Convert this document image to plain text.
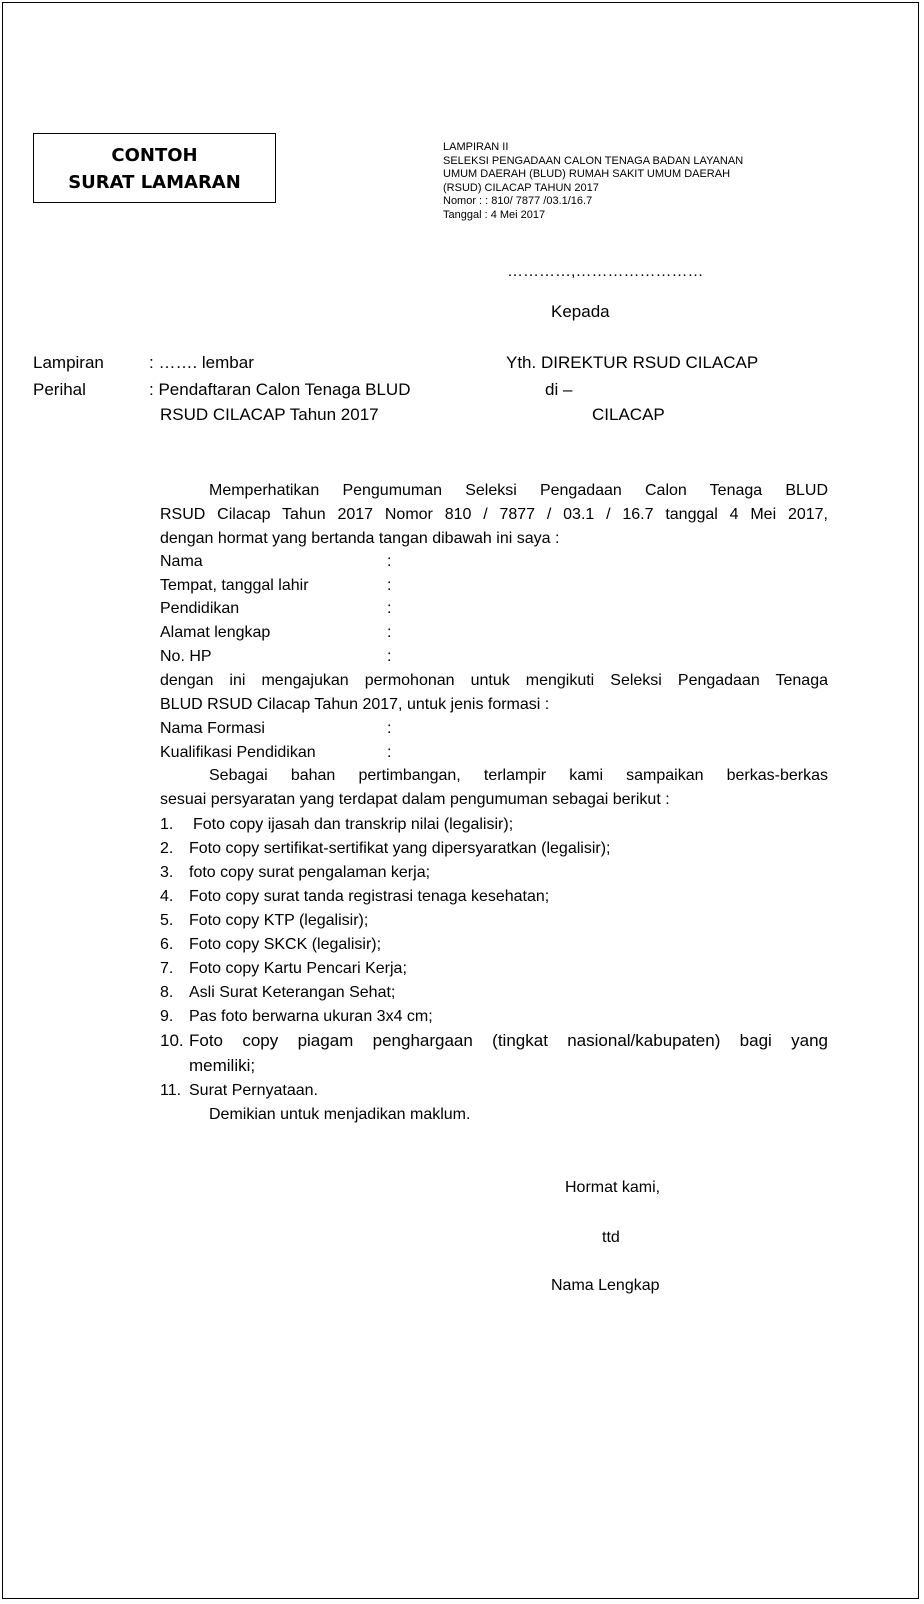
CONTOH
SURAT LAMARAN
LAMPIRAN II
SELEKSI PENGADAAN CALON TENAGA BADAN LAYANAN
UMUM DAERAH (BLUD) RUMAH SAKIT UMUM DAERAH
(RSUD) CILACAP TAHUN 2017
Nomor : : 810/ 7877 /03.1/16.7
Tanggal : 4 Mei 2017
…………,……………………
Kepada
Lampiran	: ……. lembar	Yth. DIREKTUR RSUD CILACAP
Perihal	: Pendaftaran Calon Tenaga BLUD	di –
RSUD CILACAP Tahun 2017	CILACAP
Memperhatikan Pengumuman Seleksi Pengadaan Calon Tenaga BLUD
RSUD Cilacap Tahun 2017 Nomor 810 / 7877 / 03.1 / 16.7 tanggal 4 Mei 2017,
dengan hormat yang bertanda tangan dibawah ini saya :
Nama	:
Tempat, tanggal lahir	:
Pendidikan	:
Alamat lengkap	:
No. HP	:
dengan ini mengajukan permohonan untuk mengikuti Seleksi Pengadaan Tenaga
BLUD RSUD Cilacap Tahun 2017, untuk jenis formasi :
Nama Formasi	:
Kualifikasi Pendidikan	:
Sebagai bahan pertimbangan, terlampir kami sampaikan berkas-berkas
sesuai persyaratan yang terdapat dalam pengumuman sebagai berikut :
1. Foto copy ijasah dan transkrip nilai (legalisir);
2. Foto copy sertifikat-sertifikat yang dipersyaratkan (legalisir);
3. foto copy surat pengalaman kerja;
4. Foto copy surat tanda registrasi tenaga kesehatan;
5. Foto copy KTP (legalisir);
6. Foto copy SKCK (legalisir);
7. Foto copy Kartu Pencari Kerja;
8. Asli Surat Keterangan Sehat;
9. Pas foto berwarna ukuran 3x4 cm;
10. Foto copy piagam penghargaan (tingkat nasional/kabupaten) bagi yang
memiliki;
11. Surat Pernyataan.
Demikian untuk menjadikan maklum.
Hormat kami,
ttd
Nama Lengkap
